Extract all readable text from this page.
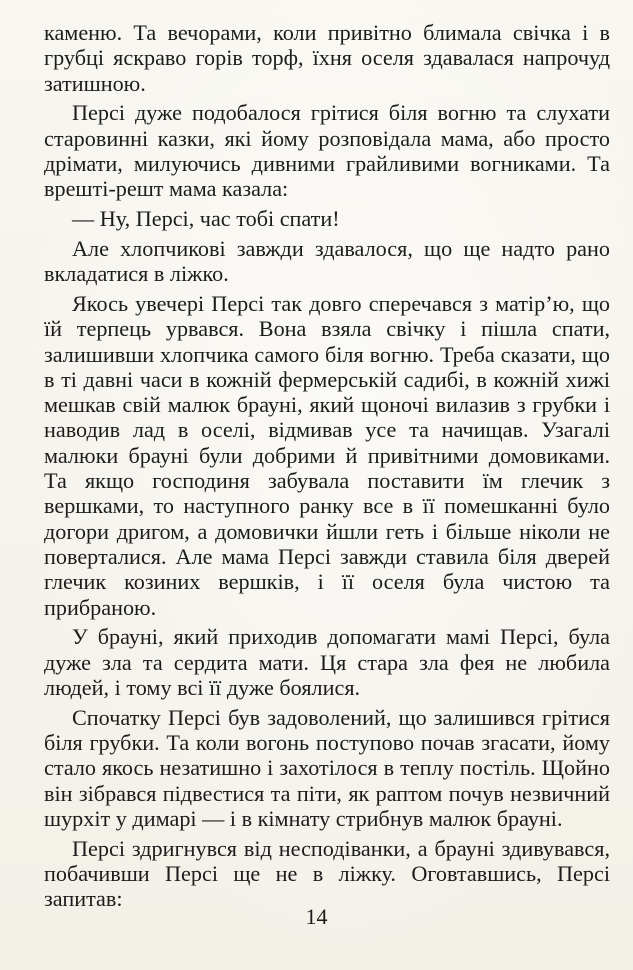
каменю. Та вечорами, коли привітно блимала свічка і в грубці яскраво горів торф, їхня оселя здавалася напрочуд затишною.

Персі дуже подобалося грітися біля вогню та слухати старовинні казки, які йому розповідала мама, або просто дрімати, милуючись дивними грайливими вогниками. Та врешті-решт мама казала:

— Ну, Персі, час тобі спати!

Але хлопчикові завжди здавалося, що ще надто рано вкладатися в ліжко.

Якось увечері Персі так довго сперечався з матір’ю, що їй терпець урвався. Вона взяла свічку і пішла спати, залишивши хлопчика самого біля вогню. Треба сказати, що в ті давні часи в кожній фермерській садибі, в кожній хижі мешкав свій малюк брауні, який щоночі вилазив з грубки і наводив лад в оселі, відмивав усе та начищав. Узагалі малюки брауні були добрими й привітними домовиками. Та якщо господиня забувала поставити їм глечик з вершками, то наступного ранку все в її помешканні було догори дригом, а домовички йшли геть і більше ніколи не поверталися. Але мама Персі завжди ставила біля дверей глечик козиних вершків, і її оселя була чистою та прибраною.

У брауні, який приходив допомагати мамі Персі, була дуже зла та сердита мати. Ця стара зла фея не любила людей, і тому всі її дуже боялися.

Спочатку Персі був задоволений, що залишився грітися біля грубки. Та коли вогонь поступово почав згасати, йому стало якось незатишно і захотілося в теплу постіль. Щойно він зібрався підвестися та піти, як раптом почув незвичний шурхіт у димарі — і в кімнату стрибнув малюк брауні.

Персі здригнувся від несподіванки, а брауні здивувався, побачивши Персі ще не в ліжку. Оговтавшись, Персі запитав:

14
